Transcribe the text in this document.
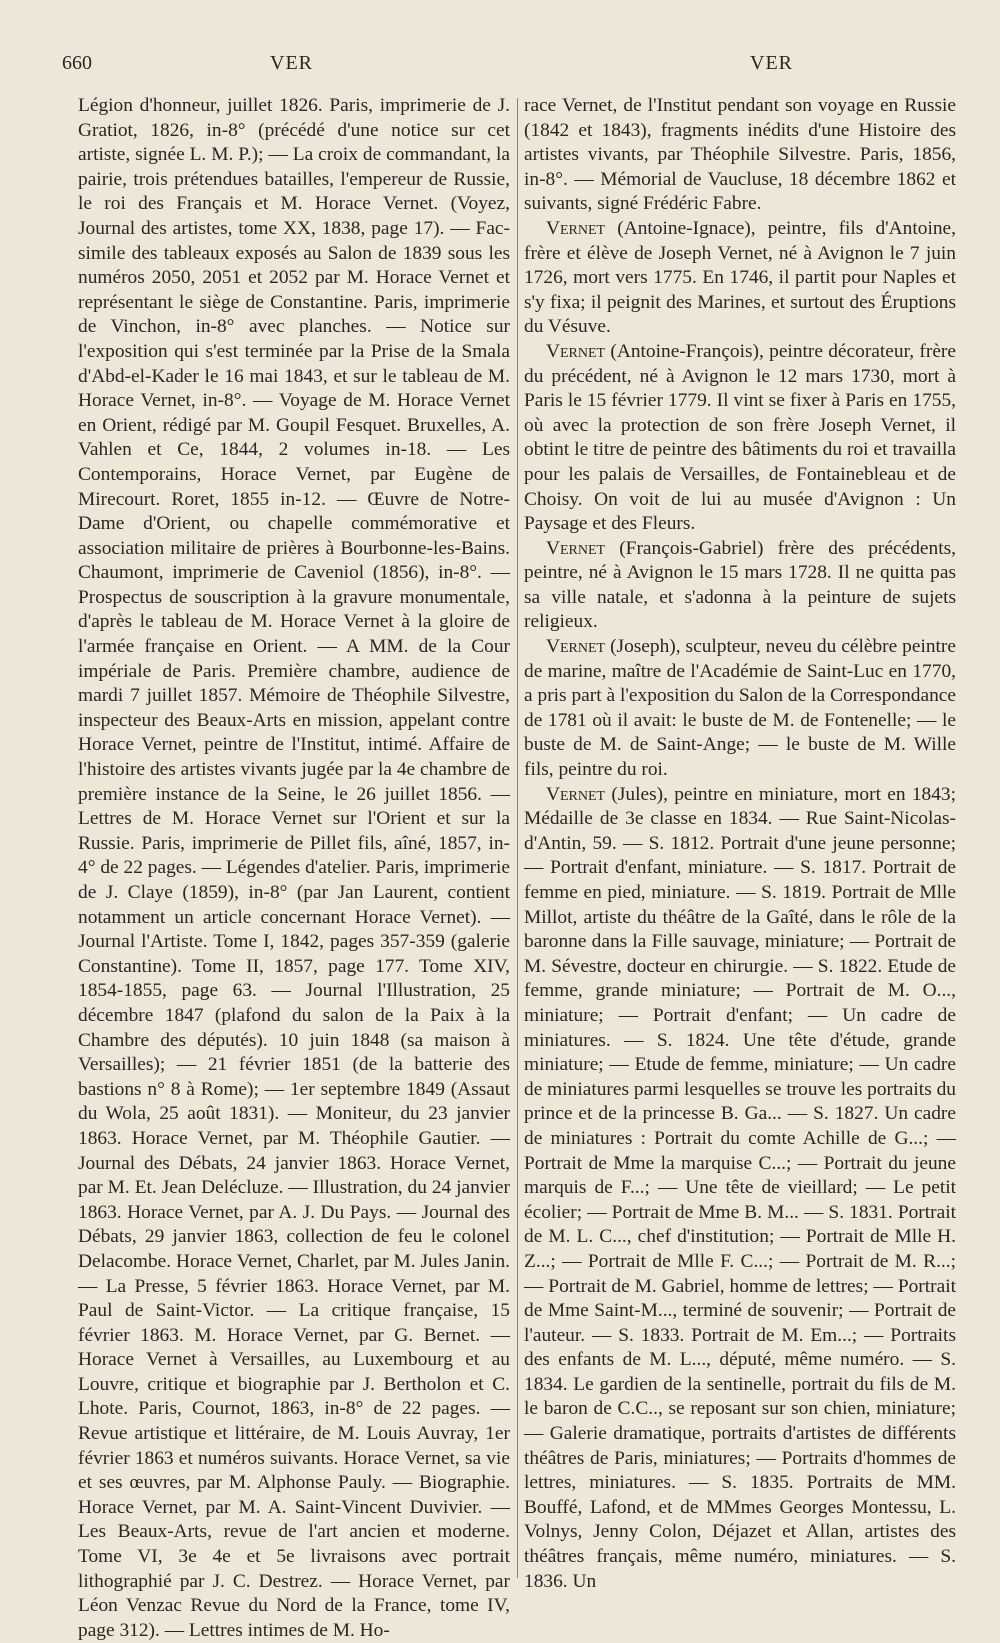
660	VER	VER

Légion d'honneur, juillet 1826. Paris, imprimerie de J. Gratiot, 1826, in-8° (précédé d'une notice sur cet artiste, signée L. M. P.); — La croix de commandant, la pairie, trois prétendues batailles, l'empereur de Russie, le roi des Français et M. Horace Vernet. (Voyez, Journal des artistes, tome XX, 1838, page 17). — Fac-simile des tableaux exposés au Salon de 1839 sous les numéros 2050, 2051 et 2052 par M. Horace Vernet et représentant le siège de Constantine. Paris, imprimerie de Vinchon, in-8° avec planches. — Notice sur l'exposition qui s'est terminée par la Prise de la Smala d'Abd-el-Kader le 16 mai 1843, et sur le tableau de M. Horace Vernet, in-8°. — Voyage de M. Horace Vernet en Orient, rédigé par M. Goupil Fesquet. Bruxelles, A. Vahlen et Ce, 1844, 2 volumes in-18. — Les Contemporains, Horace Vernet, par Eugène de Mirecourt. Roret, 1855 in-12. — Œuvre de Notre-Dame d'Orient, ou chapelle commémorative et association militaire de prières à Bourbonne-les-Bains. Chaumont, imprimerie de Caveniol (1856), in-8°. — Prospectus de souscription à la gravure monumentale, d'après le tableau de M. Horace Vernet à la gloire de l'armée française en Orient. — A MM. de la Cour impériale de Paris. Première chambre, audience de mardi 7 juillet 1857. Mémoire de Théophile Silvestre, inspecteur des Beaux-Arts en mission, appelant contre Horace Vernet, peintre de l'Institut, intimé. Affaire de l'histoire des artistes vivants jugée par la 4e chambre de première instance de la Seine, le 26 juillet 1856. — Lettres de M. Horace Vernet sur l'Orient et sur la Russie. Paris, imprimerie de Pillet fils, aîné, 1857, in-4° de 22 pages. — Légendes d'atelier. Paris, imprimerie de J. Claye (1859), in-8° (par Jan Laurent, contient notamment un article concernant Horace Vernet). — Journal l'Artiste. Tome I, 1842, pages 357-359 (galerie Constantine). Tome II, 1857, page 177. Tome XIV, 1854-1855, page 63. — Journal l'Illustration, 25 décembre 1847 (plafond du salon de la Paix à la Chambre des députés). 10 juin 1848 (sa maison à Versailles); — 21 février 1851 (de la batterie des bastions n° 8 à Rome); — 1er septembre 1849 (Assaut du Wola, 25 août 1831). — Moniteur, du 23 janvier 1863. Horace Vernet, par M. Théophile Gautier. — Journal des Débats, 24 janvier 1863. Horace Vernet, par M. Et. Jean Delécluze. — Illustration, du 24 janvier 1863. Horace Vernet, par A. J. Du Pays. — Journal des Débats, 29 janvier 1863, collection de feu le colonel Delacombe. Horace Vernet, Charlet, par M. Jules Janin. — La Presse, 5 février 1863. Horace Vernet, par M. Paul de Saint-Victor. — La critique française, 15 février 1863. M. Horace Vernet, par G. Bernet. — Horace Vernet à Versailles, au Luxembourg et au Louvre, critique et biographie par J. Bertholon et C. Lhote. Paris, Cournot, 1863, in-8° de 22 pages. — Revue artistique et littéraire, de M. Louis Auvray, 1er février 1863 et numéros suivants. Horace Vernet, sa vie et ses œuvres, par M. Alphonse Pauly. — Biographie. Horace Vernet, par M. A. Saint-Vincent Duvivier. — Les Beaux-Arts, revue de l'art ancien et moderne. Tome VI, 3e 4e et 5e livraisons avec portrait lithographié par J. C. Destrez. — Horace Vernet, par Léon Venzac Revue du Nord de la France, tome IV, page 312). — Lettres intimes de M. Ho-

race Vernet, de l'Institut pendant son voyage en Russie (1842 et 1843), fragments inédits d'une Histoire des artistes vivants, par Théophile Silvestre. Paris, 1856, in-8°. — Mémorial de Vaucluse, 18 décembre 1862 et suivants, signé Frédéric Fabre.

Vernet (Antoine-Ignace), peintre, fils d'Antoine, frère et élève de Joseph Vernet, né à Avignon le 7 juin 1726, mort vers 1775. En 1746, il partit pour Naples et s'y fixa; il peignit des Marines, et surtout des Éruptions du Vésuve.

Vernet (Antoine-François), peintre décorateur, frère du précédent, né à Avignon le 12 mars 1730, mort à Paris le 15 février 1779. Il vint se fixer à Paris en 1755, où avec la protection de son frère Joseph Vernet, il obtint le titre de peintre des bâtiments du roi et travailla pour les palais de Versailles, de Fontainebleau et de Choisy. On voit de lui au musée d'Avignon : Un Paysage et des Fleurs.

Vernet (François-Gabriel) frère des précédents, peintre, né à Avignon le 15 mars 1728. Il ne quitta pas sa ville natale, et s'adonna à la peinture de sujets religieux.

Vernet (Joseph), sculpteur, neveu du célèbre peintre de marine, maître de l'Académie de Saint-Luc en 1770, a pris part à l'exposition du Salon de la Correspondance de 1781 où il avait: le buste de M. de Fontenelle; — le buste de M. de Saint-Ange; — le buste de M. Wille fils, peintre du roi.

Vernet (Jules), peintre en miniature, mort en 1843; Médaille de 3e classe en 1834. — Rue Saint-Nicolas-d'Antin, 59. — S. 1812. Portrait d'une jeune personne; — Portrait d'enfant, miniature. — S. 1817. Portrait de femme en pied, miniature. — S. 1819. Portrait de Mlle Millot, artiste du théâtre de la Gaîté, dans le rôle de la baronne dans la Fille sauvage, miniature; — Portrait de M. Sévestre, docteur en chirurgie. — S. 1822. Etude de femme, grande miniature; — Portrait de M. O..., miniature; — Portrait d'enfant; — Un cadre de miniatures. — S. 1824. Une tête d'étude, grande miniature; — Etude de femme, miniature; — Un cadre de miniatures parmi lesquelles se trouve les portraits du prince et de la princesse B. Ga... — S. 1827. Un cadre de miniatures : Portrait du comte Achille de G...; — Portrait de Mme la marquise C...; — Portrait du jeune marquis de F...; — Une tête de vieillard; — Le petit écolier; — Portrait de Mme B. M... — S. 1831. Portrait de M. L. C..., chef d'institution; — Portrait de Mlle H. Z...; — Portrait de Mlle F. C...; — Portrait de M. R...; — Portrait de M. Gabriel, homme de lettres; — Portrait de Mme Saint-M..., terminé de souvenir; — Portrait de l'auteur. — S. 1833. Portrait de M. Em...; — Portraits des enfants de M. L..., député, même numéro. — S. 1834. Le gardien de la sentinelle, portrait du fils de M. le baron de C.C.., se reposant sur son chien, miniature; — Galerie dramatique, portraits d'artistes de différents théâtres de Paris, miniatures; — Portraits d'hommes de lettres, miniatures. — S. 1835. Portraits de MM. Bouffé, Lafond, et de MMmes Georges Montessu, L. Volnys, Jenny Colon, Déjazet et Allan, artistes des théâtres français, même numéro, miniatures. — S. 1836. Un
